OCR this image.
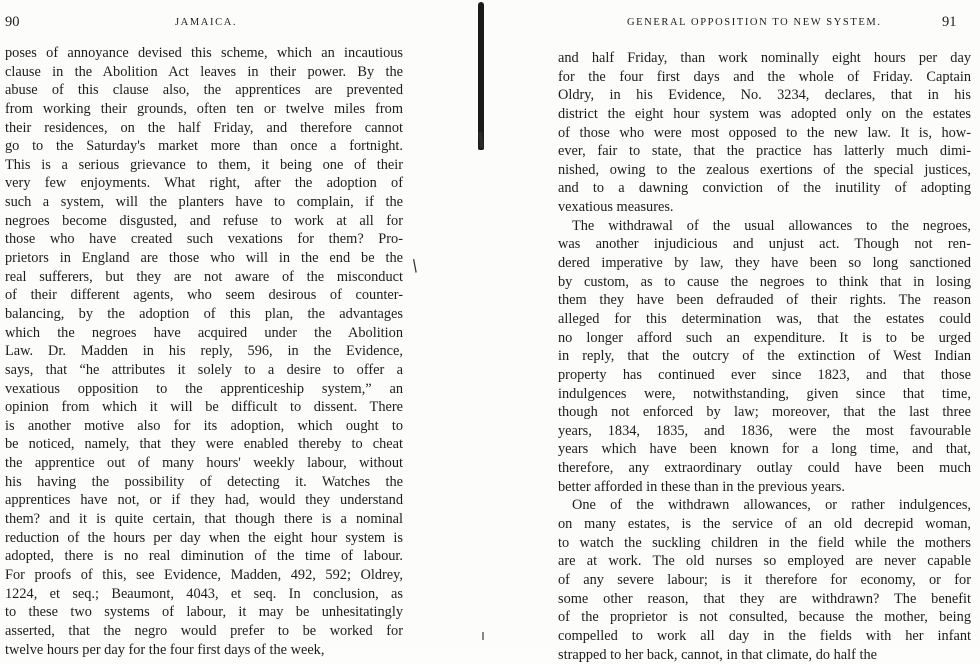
90	JAMAICA.
poses of annoyance devised this scheme, which an incautious
clause in the Abolition Act leaves in their power. By the
abuse of this clause also, the apprentices are prevented
from working their grounds, often ten or twelve miles from
their residences, on the half Friday, and therefore cannot
go to the Saturday's market more than once a fortnight.
This is a serious grievance to them, it being one of their
very few enjoyments. What right, after the adoption of
such a system, will the planters have to complain, if the
negroes become disgusted, and refuse to work at all for
those who have created such vexations for them? Pro-
prietors in England are those who will in the end be the
real sufferers, but they are not aware of the misconduct
of their different agents, who seem desirous of counter-
balancing, by the adoption of this plan, the advantages
which the negroes have acquired under the Abolition
Law. Dr. Madden in his reply, 596, in the Evidence,
says, that “he attributes it solely to a desire to offer a
vexatious opposition to the apprenticeship system,” an
opinion from which it will be difficult to dissent. There
is another motive also for its adoption, which ought to
be noticed, namely, that they were enabled thereby to cheat
the apprentice out of many hours' weekly labour, without
his having the possibility of detecting it. Watches the
apprentices have not, or if they had, would they understand
them? and it is quite certain, that though there is a nominal
reduction of the hours per day when the eight hour system is
adopted, there is no real diminution of the time of labour.
For proofs of this, see Evidence, Madden, 492, 592; Oldrey,
1224, et seq.; Beaumont, 4043, et seq. In conclusion, as
to these two systems of labour, it may be unhesitatingly
asserted, that the negro would prefer to be worked for
twelve hours per day for the four first days of the week,
/
GENERAL OPPOSITION TO NEW SYSTEM.	91
and half Friday, than work nominally eight hours per day
for the four first days and the whole of Friday. Captain
Oldry, in his Evidence, No. 3234, declares, that in his
district the eight hour system was adopted only on the estates
of those who were most opposed to the new law. It is, how-
ever, fair to state, that the practice has latterly much dimi-
nished, owing to the zealous exertions of the special justices,
and to a dawning conviction of the inutility of adopting
vexatious measures.
The withdrawal of the usual allowances to the negroes,
was another injudicious and unjust act. Though not ren-
dered imperative by law, they have been so long sanctioned
by custom, as to cause the negroes to think that in losing
them they have been defrauded of their rights. The reason
alleged for this determination was, that the estates could
no longer afford such an expenditure. It is to be urged
in reply, that the outcry of the extinction of West Indian
property has continued ever since 1823, and that those
indulgences were, notwithstanding, given since that time,
though not enforced by law; moreover, that the last three
years, 1834, 1835, and 1836, were the most favourable
years which have been known for a long time, and that,
therefore, any extraordinary outlay could have been much
better afforded in these than in the previous years.
One of the withdrawn allowances, or rather indulgences,
on many estates, is the service of an old decrepid woman,
to watch the suckling children in the field while the mothers
are at work. The old nurses so employed are never capable
of any severe labour; is it therefore for economy, or for
some other reason, that they are withdrawn? The benefit
of the proprietor is not consulted, because the mother, being
compelled to work all day in the fields with her infant
strapped to her back, cannot, in that climate, do half the
